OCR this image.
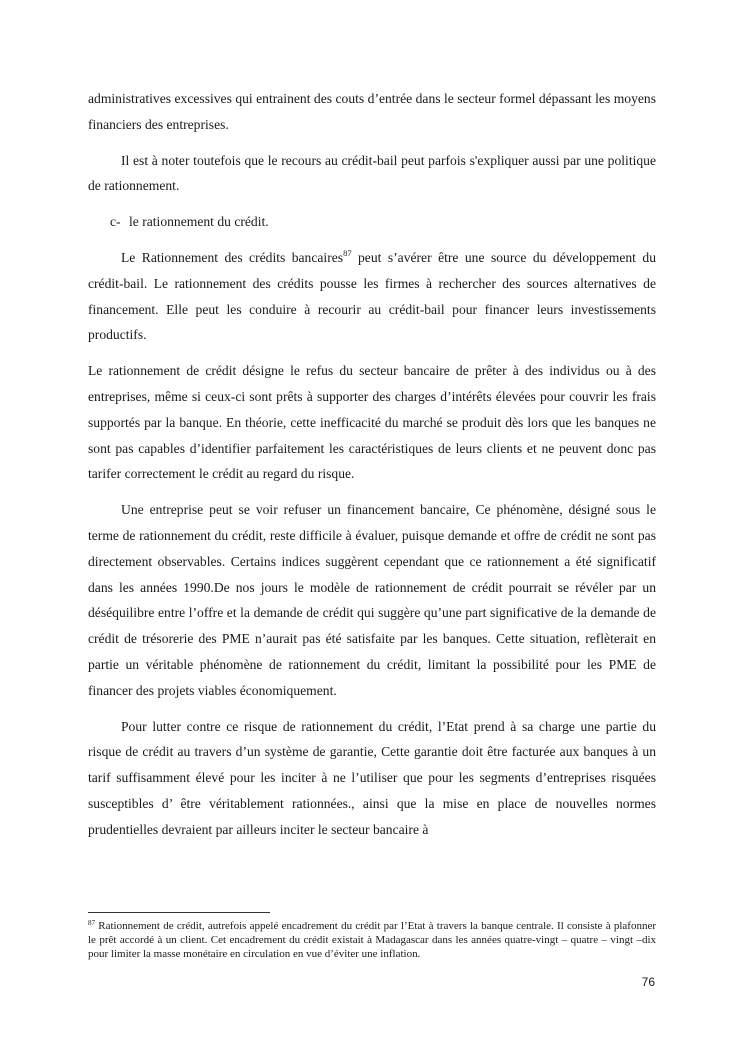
administratives excessives qui entrainent des couts d’entrée dans le secteur formel dépassant les moyens financiers des entreprises.

Il est à noter toutefois que le recours au crédit-bail peut parfois s'expliquer aussi par une politique de rationnement.

c- le rationnement du crédit.

Le Rationnement des crédits bancaires$^{87}$ peut s’avérer être une source du développement du crédit-bail. Le rationnement des crédits pousse les firmes à rechercher des sources alternatives de financement. Elle peut les conduire à recourir au crédit-bail pour financer leurs investissements productifs.

Le rationnement de crédit désigne le refus du secteur bancaire de prêter à des individus ou à des entreprises, même si ceux-ci sont prêts à supporter des charges d’intérêts élevées pour couvrir les frais supportés par la banque. En théorie, cette inefficacité du marché se produit dès lors que les banques ne sont pas capables d’identifier parfaitement les caractéristiques de leurs clients et ne peuvent donc pas tarifer correctement le crédit au regard du risque.

Une entreprise peut se voir refuser un financement bancaire, Ce phénomène, désigné sous le terme de rationnement du crédit, reste difficile à évaluer, puisque demande et offre de crédit ne sont pas directement observables. Certains indices suggèrent cependant que ce rationnement a été significatif dans les années 1990.De nos jours le modèle de rationnement de crédit pourrait se révéler par un déséquilibre entre l’offre et la demande de crédit qui suggère qu’une part significative de la demande de crédit de trésorerie des PME n’aurait pas été satisfaite par les banques. Cette situation, reflèterait en partie un véritable phénomène de rationnement du crédit, limitant la possibilité pour les PME de financer des projets viables économiquement.

Pour lutter contre ce risque de rationnement du crédit, l’Etat prend à sa charge une partie du risque de crédit au travers d’un système de garantie, Cette garantie doit être facturée aux banques à un tarif suffisamment élevé pour les inciter à ne l’utiliser que pour les segments d’entreprises risquées susceptibles d’ être véritablement rationnées., ainsi que la mise en place de nouvelles normes prudentielles devraient par ailleurs inciter le secteur bancaire à

$^{87}$ Rationnement de crédit, autrefois appelé encadrement du crédit par l’Etat à travers la banque centrale. Il consiste à plafonner le prêt accordé à un client. Cet encadrement du crédit existait à Madagascar dans les années quatre-vingt – quatre – vingt –dix pour limiter la masse monétaire en circulation en vue d’éviter une inflation.

76
